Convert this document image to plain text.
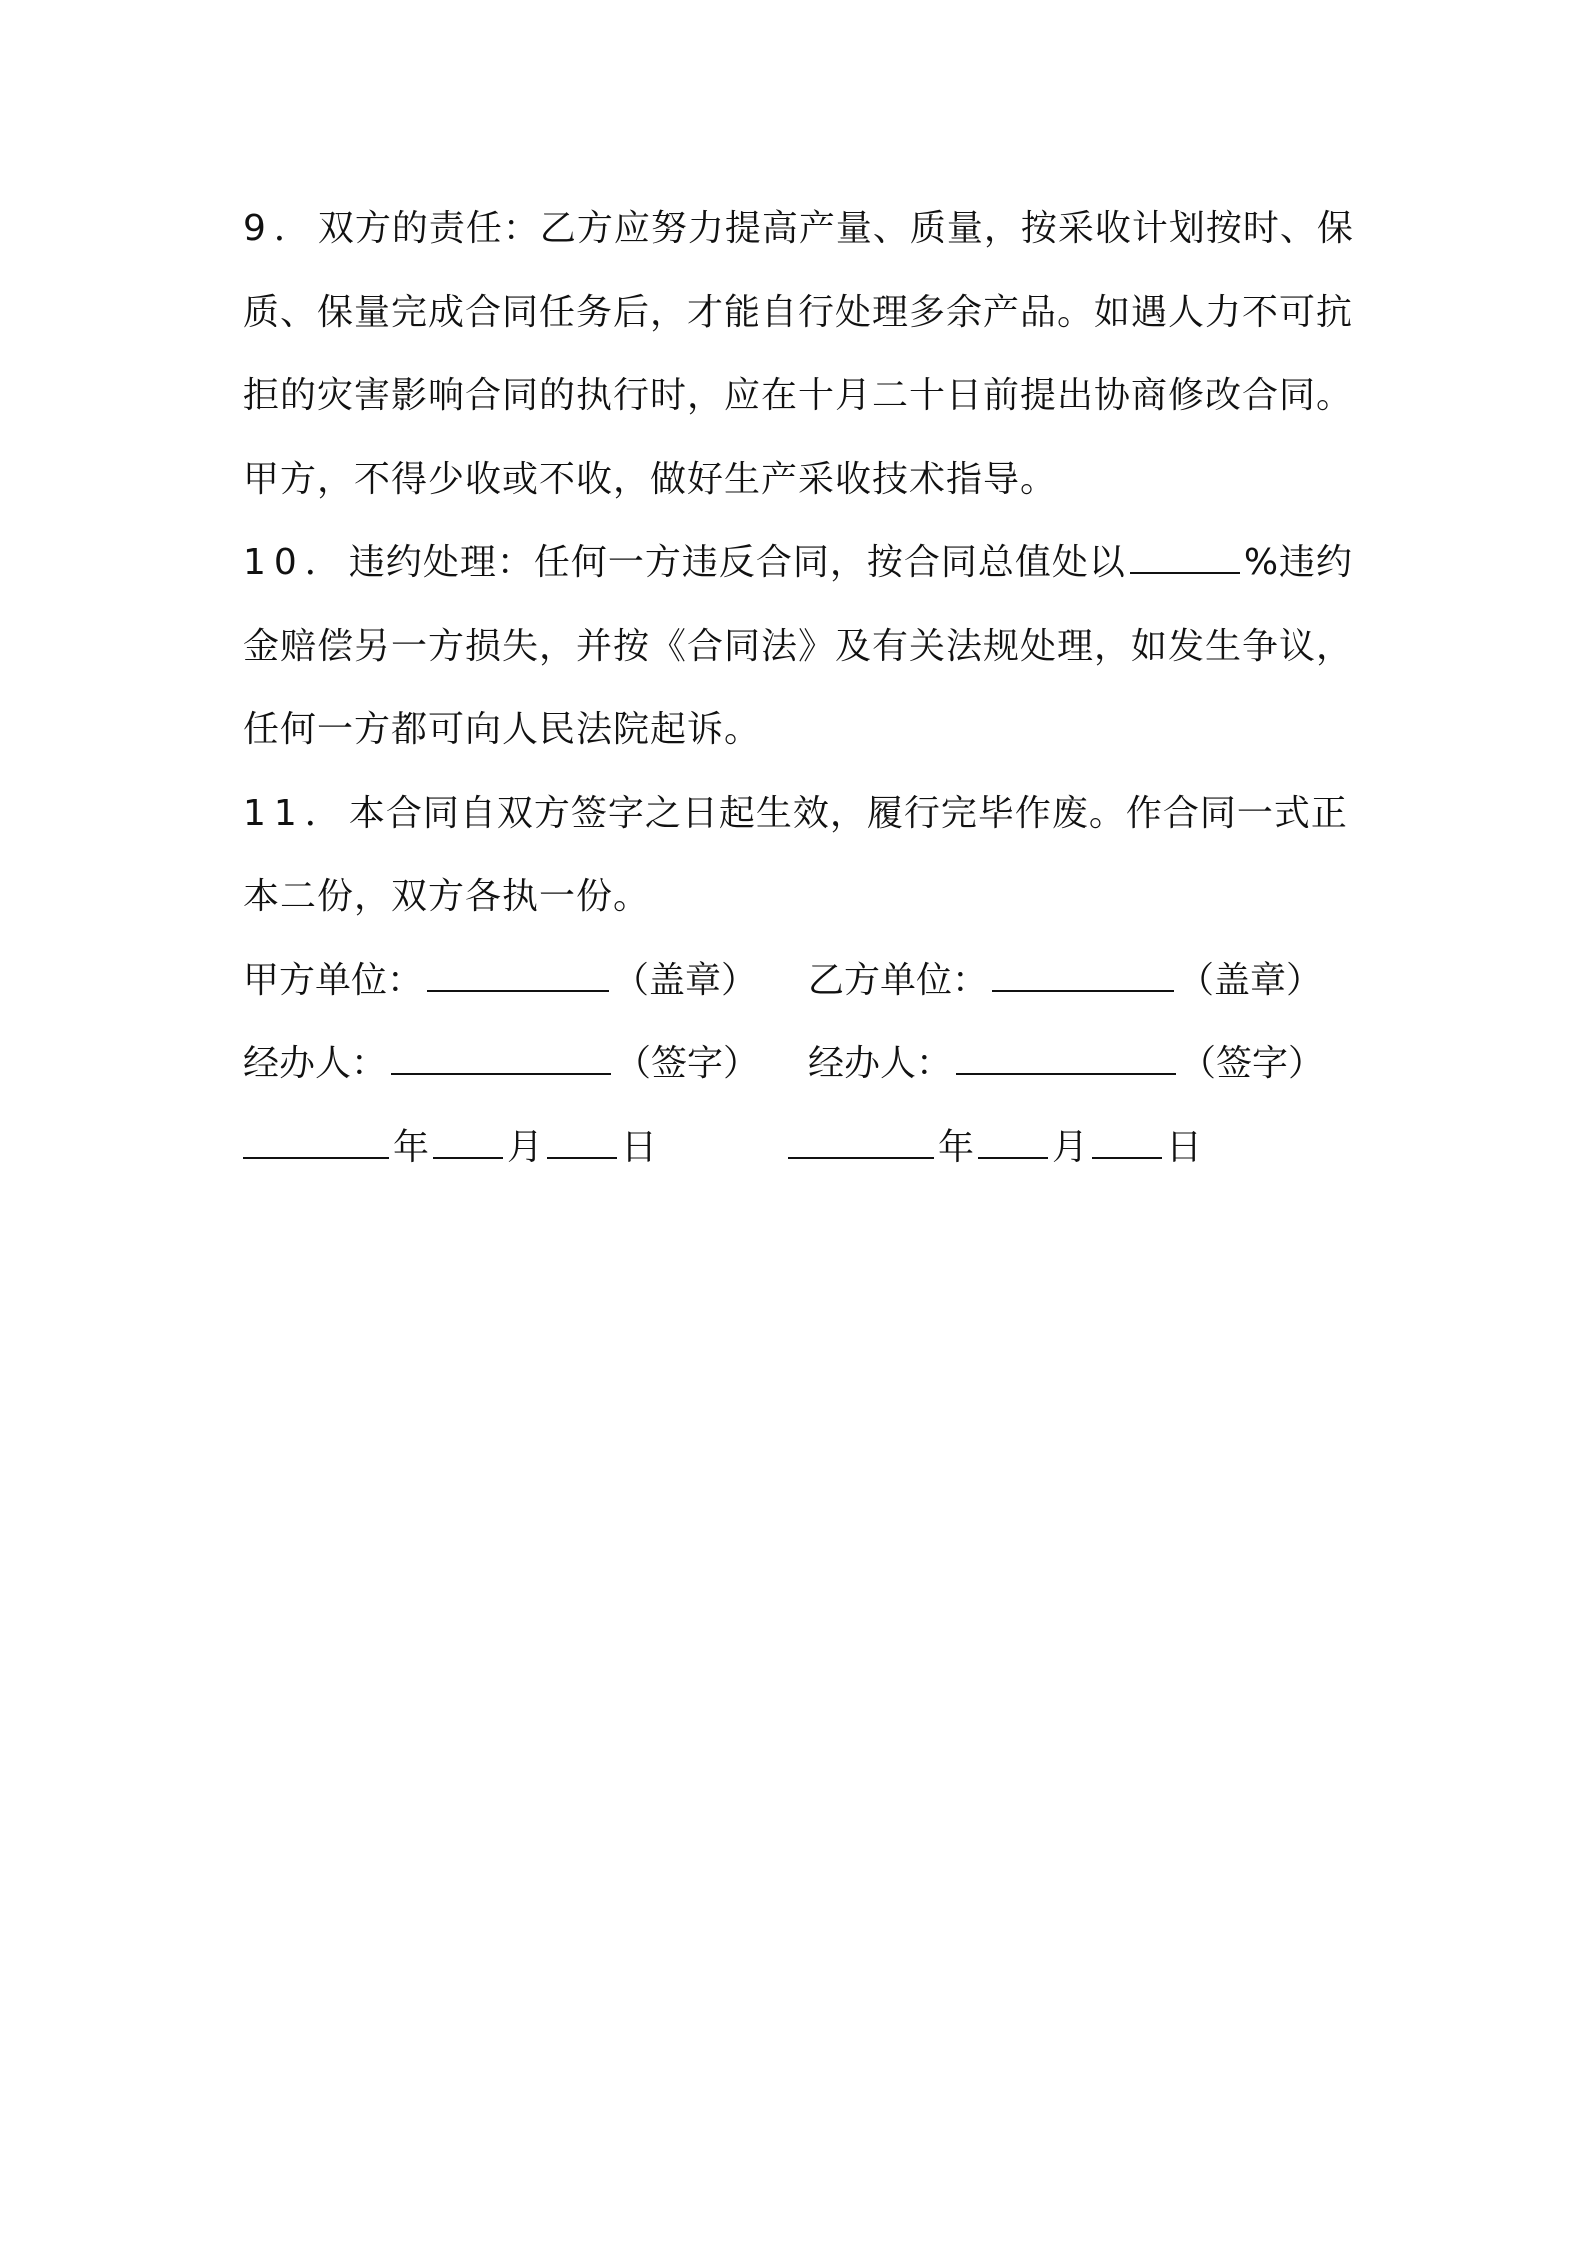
9．双方的责任：乙方应努力提高产量、质量，按采收计划按时、保
质、保量完成合同任务后，才能自行处理多余产品。如遇人力不可抗
拒的灾害影响合同的执行时，应在十月二十日前提出协商修改合同。
甲方，不得少收或不收，做好生产采收技术指导。
10．违约处理：任何一方违反合同，按合同总值处以	%违约
金赔偿另一方损失，并按《合同法》及有关法规处理，如发生争议，
任何一方都可向人民法院起诉。
11．本合同自双方签字之日起生效，履行完毕作废。作合同一式正
本二份，双方各执一份。
甲方单位：	（盖章） 乙方单位：	（盖章）
经办人：	（签字） 经办人：	（签字）
年 月 日	年 月 日
